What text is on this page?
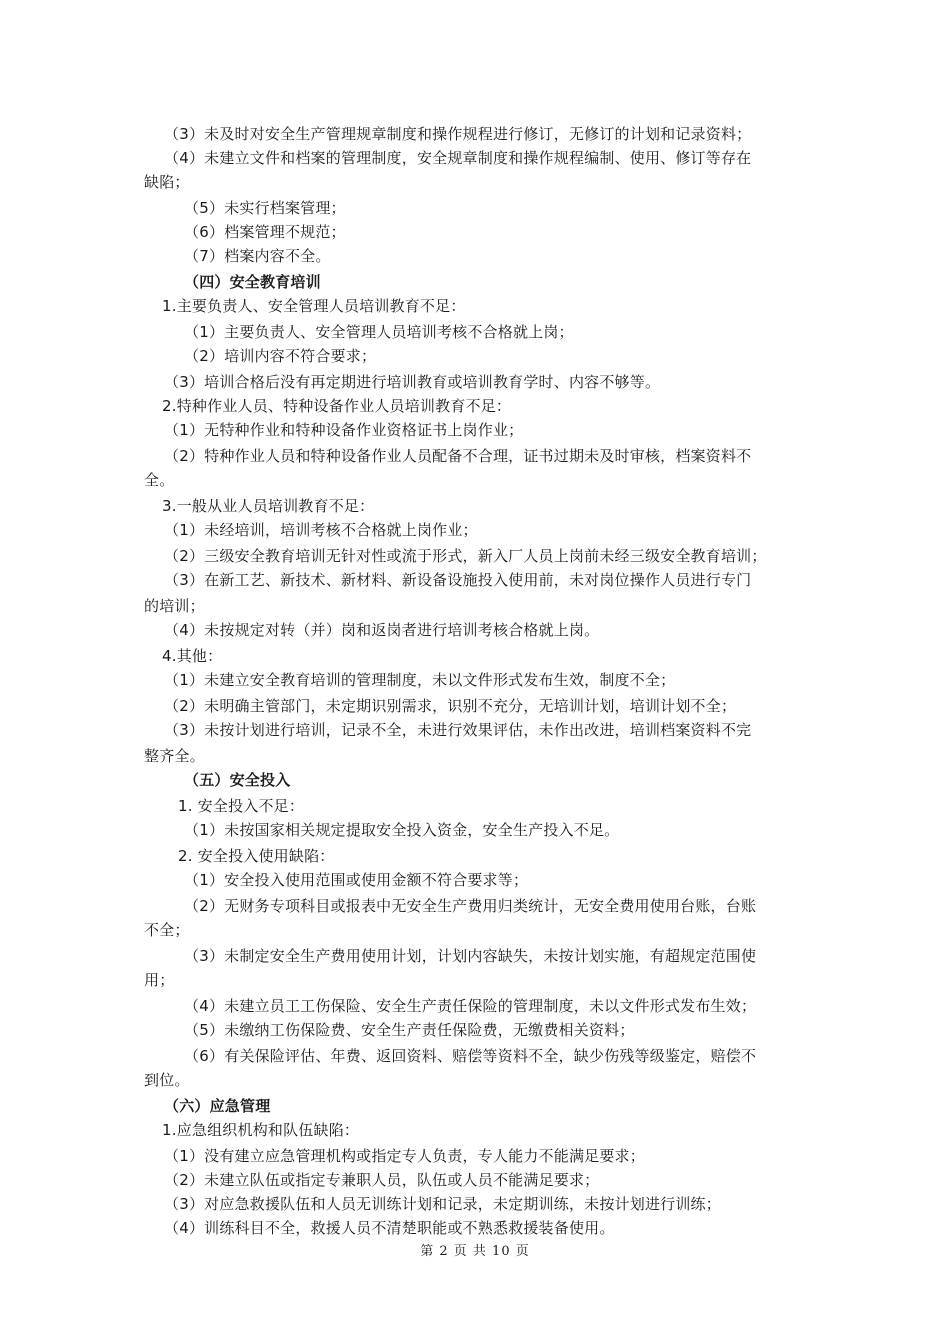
（3）未及时对安全生产管理规章制度和操作规程进行修订，无修订的计划和记录资料；
（4）未建立文件和档案的管理制度，安全规章制度和操作规程编制、使用、修订等存在
缺陷；
（5）未实行档案管理；
（6）档案管理不规范；
（7）档案内容不全。
（四）安全教育培训
1.主要负责人、安全管理人员培训教育不足：
（1）主要负责人、安全管理人员培训考核不合格就上岗；
（2）培训内容不符合要求；
（3）培训合格后没有再定期进行培训教育或培训教育学时、内容不够等。
2.特种作业人员、特种设备作业人员培训教育不足：
（1）无特种作业和特种设备作业资格证书上岗作业；
（2）特种作业人员和特种设备作业人员配备不合理，证书过期未及时审核，档案资料不
全。
3.一般从业人员培训教育不足：
（1）未经培训，培训考核不合格就上岗作业；
（2）三级安全教育培训无针对性或流于形式，新入厂人员上岗前未经三级安全教育培训；
（3）在新工艺、新技术、新材料、新设备设施投入使用前，未对岗位操作人员进行专门
的培训；
（4）未按规定对转（并）岗和返岗者进行培训考核合格就上岗。
4.其他：
（1）未建立安全教育培训的管理制度，未以文件形式发布生效，制度不全；
（2）未明确主管部门，未定期识别需求，识别不充分，无培训计划，培训计划不全；
（3）未按计划进行培训，记录不全，未进行效果评估，未作出改进，培训档案资料不完
整齐全。
（五）安全投入
1. 安全投入不足：
（1）未按国家相关规定提取安全投入资金，安全生产投入不足。
2. 安全投入使用缺陷：
（1）安全投入使用范围或使用金额不符合要求等；
（2）无财务专项科目或报表中无安全生产费用归类统计，无安全费用使用台账，台账
不全；
（3）未制定安全生产费用使用计划，计划内容缺失，未按计划实施，有超规定范围使
用；
（4）未建立员工工伤保险、安全生产责任保险的管理制度，未以文件形式发布生效；
（5）未缴纳工伤保险费、安全生产责任保险费，无缴费相关资料；
（6）有关保险评估、年费、返回资料、赔偿等资料不全，缺少伤残等级鉴定，赔偿不
到位。
（六）应急管理
1.应急组织机构和队伍缺陷：
（1）没有建立应急管理机构或指定专人负责，专人能力不能满足要求；
（2）未建立队伍或指定专兼职人员，队伍或人员不能满足要求；
（3）对应急救援队伍和人员无训练计划和记录，未定期训练，未按计划进行训练；
（4）训练科目不全，救援人员不清楚职能或不熟悉救援装备使用。
第 2 页 共 10 页
